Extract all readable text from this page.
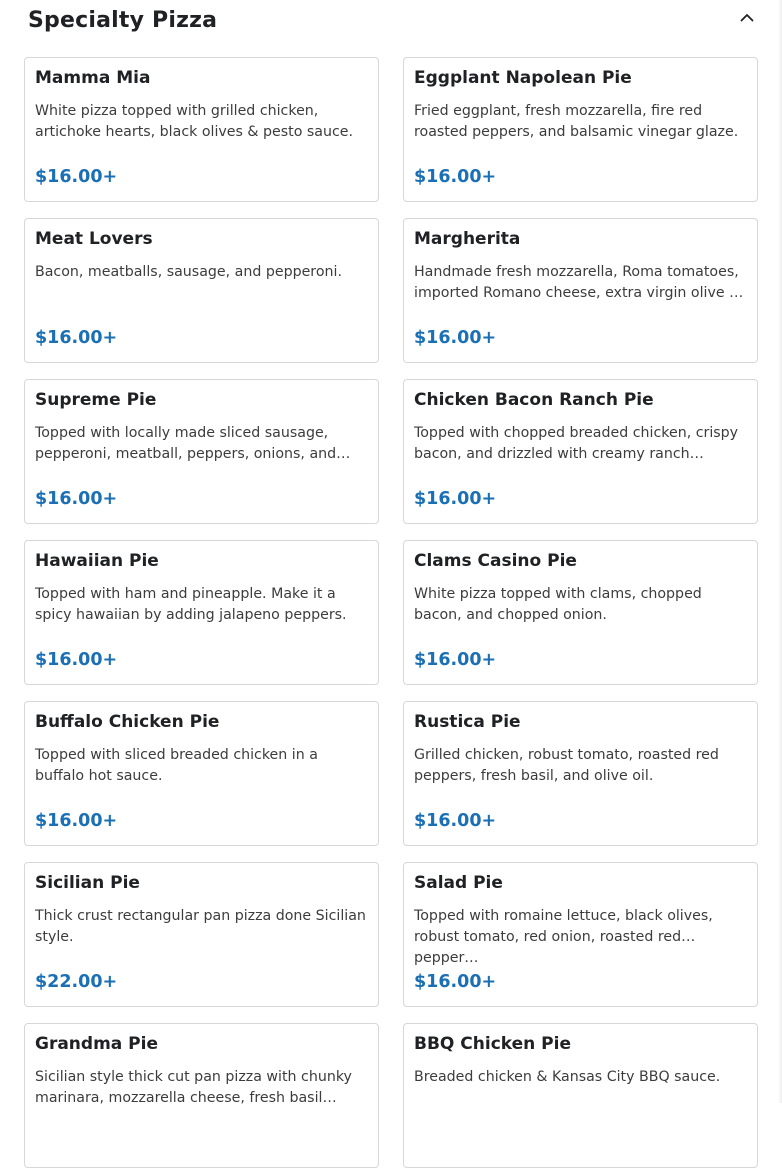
Specialty Pizza
Mamma Mia
White pizza topped with grilled chicken, artichoke hearts, black olives & pesto sauce.
$16.00+
Eggplant Napolean Pie
Fried eggplant, fresh mozzarella, fire red roasted peppers, and balsamic vinegar glaze.
$16.00+
Meat Lovers
Bacon, meatballs, sausage, and pepperoni.
$16.00+
Margherita
Handmade fresh mozzarella, Roma tomatoes, imported Romano cheese, extra virgin olive …
$16.00+
Supreme Pie
Topped with locally made sliced sausage, pepperoni, meatball, peppers, onions, and…
$16.00+
Chicken Bacon Ranch Pie
Topped with chopped breaded chicken, crispy bacon, and drizzled with creamy ranch…
$16.00+
Hawaiian Pie
Topped with ham and pineapple. Make it a spicy hawaiian by adding jalapeno peppers.
$16.00+
Clams Casino Pie
White pizza topped with clams, chopped bacon, and chopped onion.
$16.00+
Buffalo Chicken Pie
Topped with sliced breaded chicken in a buffalo hot sauce.
$16.00+
Rustica Pie
Grilled chicken, robust tomato, roasted red peppers, fresh basil, and olive oil.
$16.00+
Sicilian Pie
Thick crust rectangular pan pizza done Sicilian style.
$22.00+
Salad Pie
Topped with romaine lettuce, black olives, robust tomato, red onion, roasted red pepper…
$16.00+
Grandma Pie
Sicilian style thick cut pan pizza with chunky marinara, mozzarella cheese, fresh basil…
BBQ Chicken Pie
Breaded chicken & Kansas City BBQ sauce.
